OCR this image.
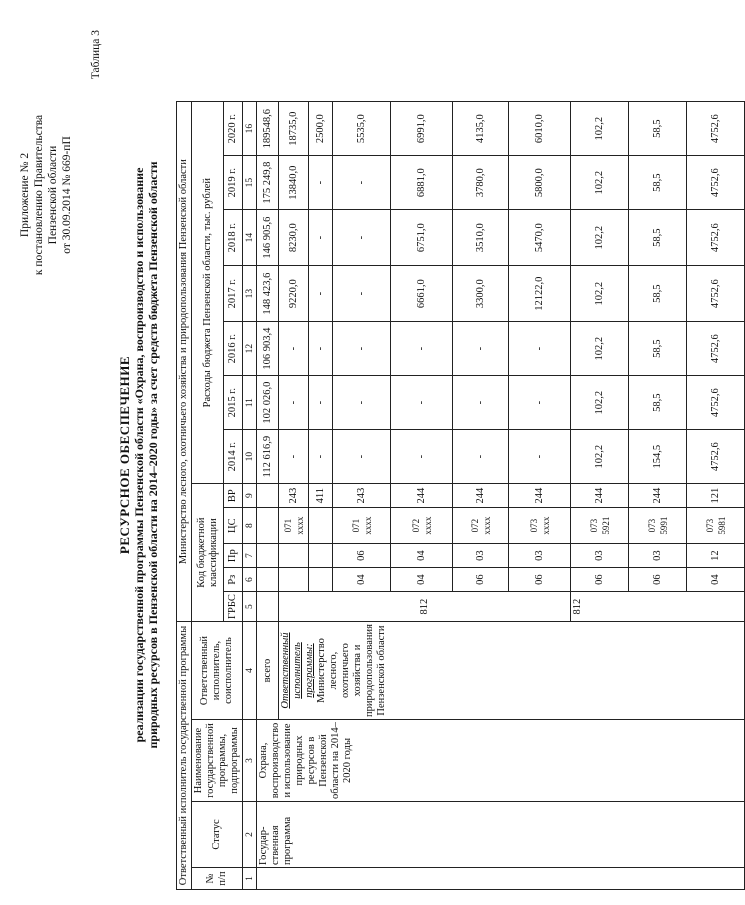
Приложение № 2 к постановлению Правительства Пензенской области от 30.09.2014 № 669-пП
Таблица 3
РЕСУРСНОЕ ОБЕСПЕЧЕНИЕ реализации государственной программы Пензенской области «Охрана, воспроизводство и использование природных ресурсов в Пензенской области на 2014–2020 годы» за счет средств бюджета Пензенской области
Ответственный исполнитель государственной программы				Министерство лесного, охотничьего хозяйства и природопользования Пензенской области											
№ п/п	Статус	Наименование государственной программы, подпрограммы	Ответственный исполнитель, соисполнитель	Код бюджетной классификации					Расходы бюджета Пензенской области, тыс. рублей						
				ГРБС	Рз	Пр	ЦС	ВР	2014 г.	2015 г.	2016 г.	2017 г.	2018 г.	2019 г.	2020 г.
1	2	3	4	5	6	7	8	9	10	11	12	13	14	15	16
	Государ-ственная программа	Охрана, воспроизводство и использование природных ресурсов в Пензенской области на 2014–2020 годы	всего						112 616,9	102 026,0	106 903,4	148 423,6	146 905,6	175 249,8	189548,6
			Ответственный исполнитель программы: Министерство лесного, охотничьего хозяйства и природопользования Пензенской области	812			071 xxxx	243	-	-	-	9220,0	8230,0	13840,0	18735,0
								411	-	-	-	-	-	-	2500,0
					04	06	071 xxxx	243	-	-	-	-	-	-	5535,0
					04	04	072 xxxx	244	-	-	-	6661,0	6751,0	6881,0	6991,0
					06	03	072 xxxx	244	-	-	-	3300,0	3510,0	3780,0	4135,0
					06	03	073 xxxx	244	-	-	-	12122,0	5470,0	5800,0	6010,0
				812	06	03	073 5921	244	102,2	102,2	102,2	102,2	102,2	102,2	102,2
					06	03	073 5991	244	154,5	58,5	58,5	58,5	58,5	58,5	58,5
					04	12	073 5981	121	4752,6	4752,6	4752,6	4752,6	4752,6	4752,6	4752,6
